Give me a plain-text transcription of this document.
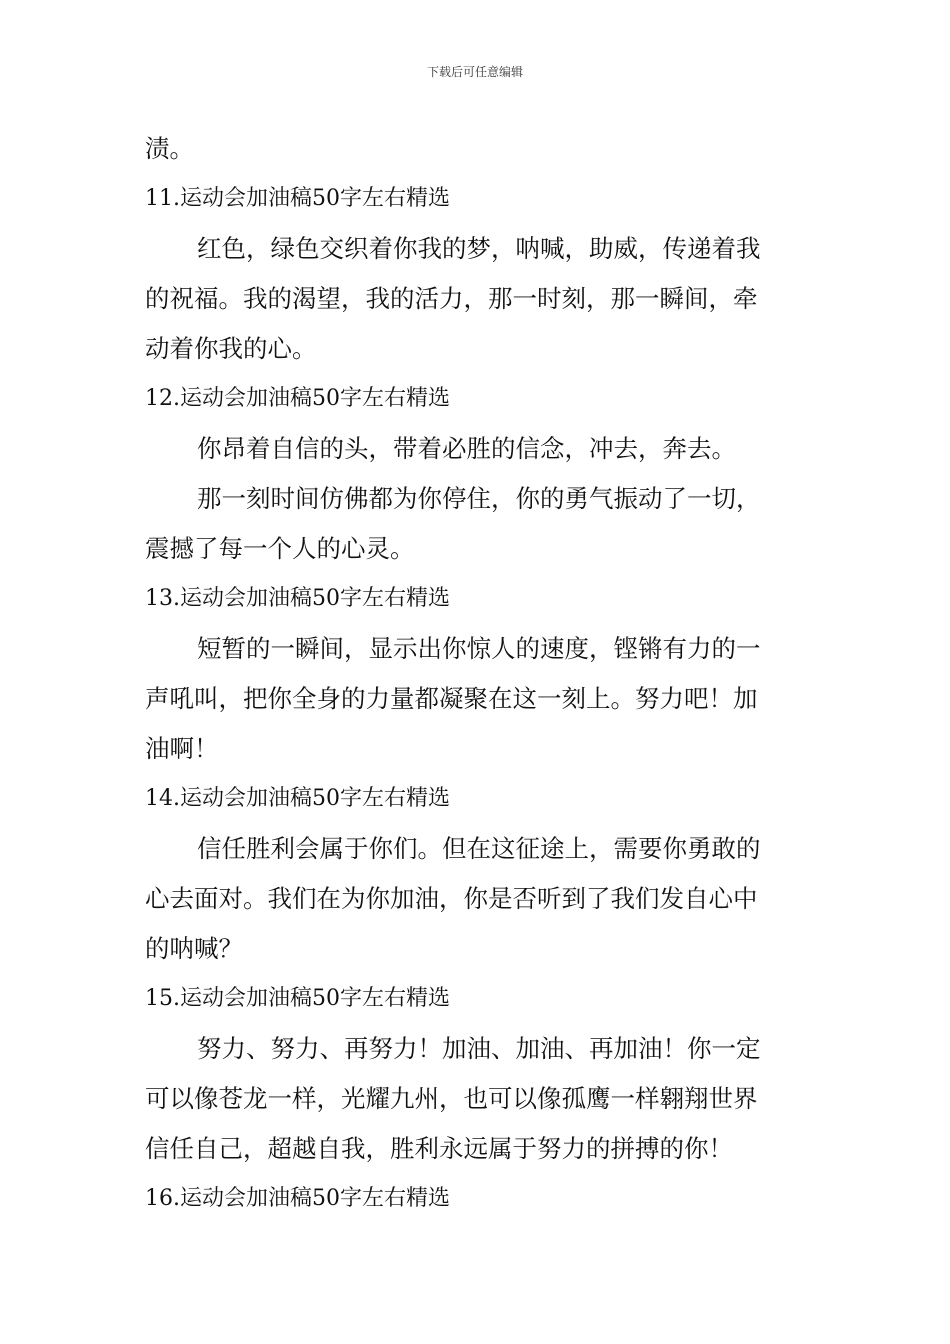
下载后可任意编辑
渍。
11.运动会加油稿50字左右精选
红色，绿色交织着你我的梦，呐喊，助威，传递着我
的祝福。我的渴望，我的活力，那一时刻，那一瞬间，牵
动着你我的心。
12.运动会加油稿50字左右精选
你昂着自信的头，带着必胜的信念，冲去，奔去。
那一刻时间仿佛都为你停住，你的勇气振动了一切，
震撼了每一个人的心灵。
13.运动会加油稿50字左右精选
短暂的一瞬间，显示出你惊人的速度，铿锵有力的一
声吼叫，把你全身的力量都凝聚在这一刻上。努力吧！加
油啊！
14.运动会加油稿50字左右精选
信任胜利会属于你们。但在这征途上，需要你勇敢的
心去面对。我们在为你加油，你是否听到了我们发自心中
的呐喊？
15.运动会加油稿50字左右精选
努力、努力、再努力！加油、加油、再加油！你一定
可以像苍龙一样，光耀九州，也可以像孤鹰一样翱翔世界
信任自己，超越自我，胜利永远属于努力的拼搏的你！
16.运动会加油稿50字左右精选
